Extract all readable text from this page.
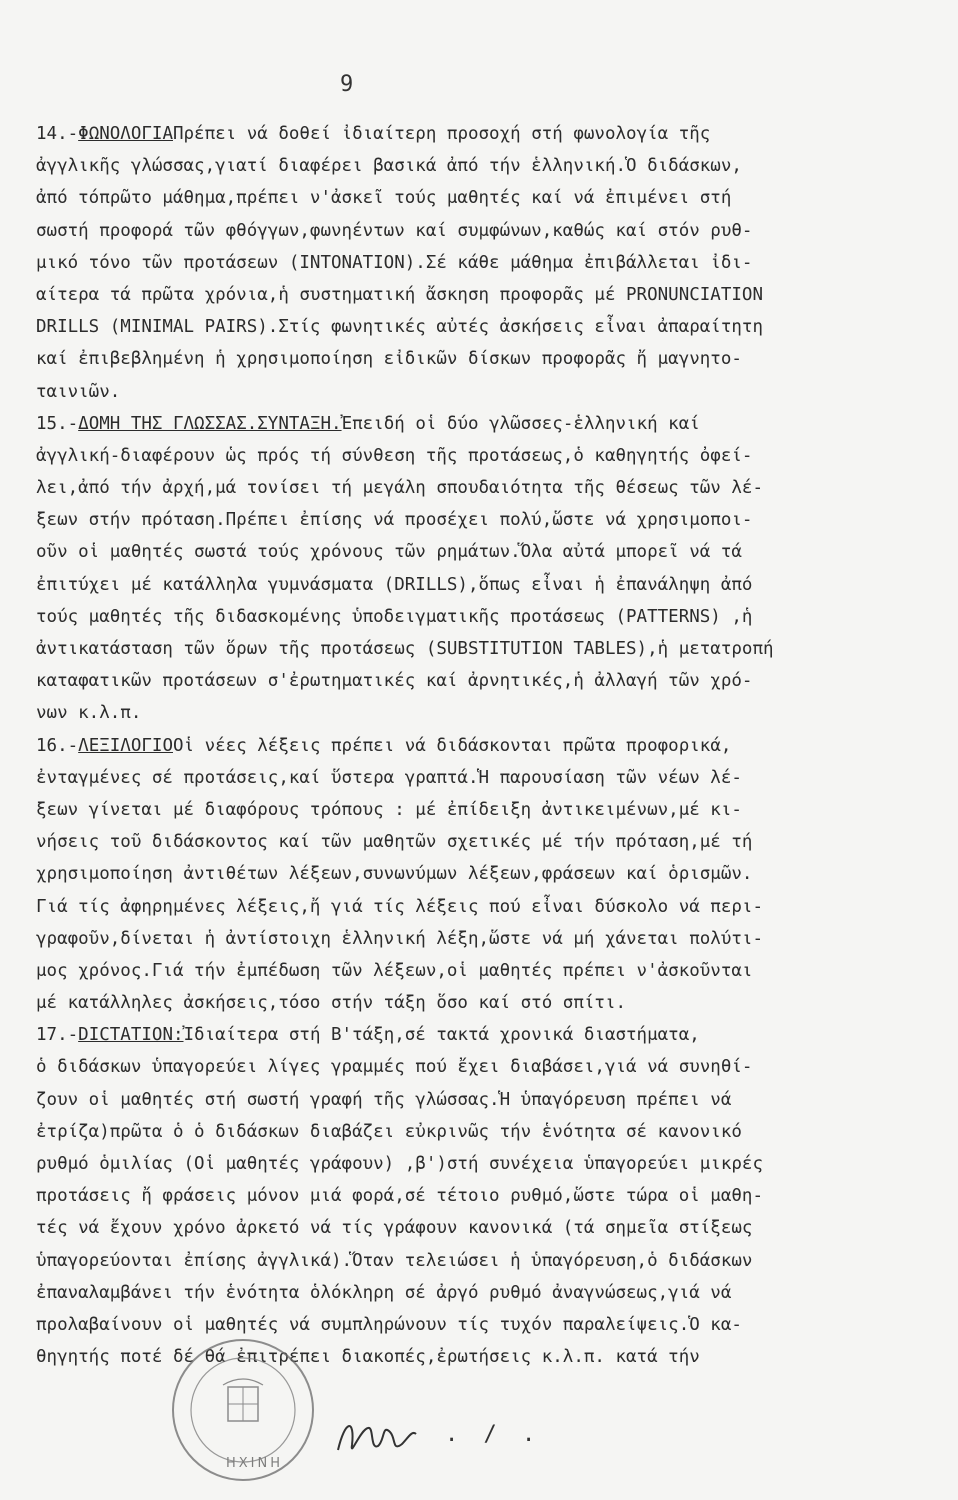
9
14.-ΦΩΝΟΛΟΓΙΑΠρέπει νά δοθεί ἰδιαίτερη προσοχή στή φωνολογία τῆς
ἀγγλικῆς γλώσσας,γιατί διαφέρει βασικά ἀπό τήν ἑλληνική.Ὁ διδάσκων,
ἀπό τόπρῶτο μάθημα,πρέπει ν'ἀσκεῖ τούς μαθητές καί νά ἐπιμένει στή
σωστή προφορά τῶν φθόγγων,φωνηέντων καί συμφώνων,καθώς καί στόν ρυθ-
μικό τόνο τῶν προτάσεων (INTONATION).Σέ κάθε μάθημα ἐπιβάλλεται ἰδι-
αίτερα τά πρῶτα χρόνια,ἡ συστηματική ἄσκηση προφορᾶς μέ PRONUNCIATION
DRILLS (MINIMAL PAIRS).Στίς φωνητικές αὐτές ἀσκήσεις εἶναι ἀπαραίτητη
καί ἐπιβεβλημένη ἡ χρησιμοποίηση εἰδικῶν δίσκων προφορᾶς ἤ μαγνητο-
ταινιῶν.
15.-ΔΟΜΗ ΤΗΣ ΓΛΩΣΣΑΣ.ΣΥΝΤΑΞΗ.Ἐπειδή οἱ δύο γλῶσσες-ἑλληνική καί
ἀγγλική-διαφέρουν ὡς πρός τή σύνθεση τῆς προτάσεως,ὁ καθηγητής ὀφεί-
λει,ἀπό τήν ἀρχή,μά τονίσει τή μεγάλη σπουδαιότητα τῆς θέσεως τῶν λέ-
ξεων στήν πρόταση.Πρέπει ἐπίσης νά προσέχει πολύ,ὥστε νά χρησιμοποι-
οῦν οἱ μαθητές σωστά τούς χρόνους τῶν ρημάτων.Ὅλα αὐτά μπορεῖ νά τά
ἐπιτύχει μέ κατάλληλα γυμνάσματα (DRILLS),ὅπως εἶναι ἡ ἐπανάληψη ἀπό
τούς μαθητές τῆς διδασκομένης ὑποδειγματικῆς προτάσεως (PATTERNS) ,ἡ
ἀντικατάσταση τῶν ὅρων τῆς προτάσεως (SUBSTITUTION TABLES),ἡ μετατροπή
καταφατικῶν προτάσεων σ'ἐρωτηματικές καί ἀρνητικές,ἡ ἀλλαγή τῶν χρό-
νων κ.λ.π.
16.-ΛΕΞΙΛΟΓΙΟΟἱ νέες λέξεις πρέπει νά διδάσκονται πρῶτα προφορικά,
ἐνταγμένες σέ προτάσεις,καί ὕστερα γραπτά.Ἡ παρουσίαση τῶν νέων λέ-
ξεων γίνεται μέ διαφόρους τρόπους : μέ ἐπίδειξη ἀντικειμένων,μέ κι-
νήσεις τοῦ διδάσκοντος καί τῶν μαθητῶν σχετικές μέ τήν πρόταση,μέ τή
χρησιμοποίηση ἀντιθέτων λέξεων,συνωνύμων λέξεων,φράσεων καί ὁρισμῶν.
Γιά τίς ἀφηρημένες λέξεις,ἤ γιά τίς λέξεις πού εἶναι δύσκολο νά περι-
γραφοῦν,δίνεται ἡ ἀντίστοιχη ἑλληνική λέξη,ὥστε νά μή χάνεται πολύτι-
μος χρόνος.Γιά τήν ἐμπέδωση τῶν λέξεων,οἱ μαθητές πρέπει ν'ἀσκοῦνται
μέ κατάλληλες ἀσκήσεις,τόσο στήν τάξη ὅσο καί στό σπίτι.
17.-DICTATION:Ἰδιαίτερα στή Β'τάξη,σέ τακτά χρονικά διαστήματα,
ὁ διδάσκων ὑπαγορεύει λίγες γραμμές πού ἔχει διαβάσει,γιά νά συνηθί-
ζουν οἱ μαθητές στή σωστή γραφή τῆς γλώσσας.Ἡ ὑπαγόρευση πρέπει νά
ἐτρίζα)πρῶτα ὁ ὁ διδάσκων διαβάζει εὐκρινῶς τήν ἑνότητα σέ κανονικό
ρυθμό ὁμιλίας (Οἱ μαθητές γράφουν) ,β')στή συνέχεια ὑπαγορεύει μικρές
προτάσεις ἤ φράσεις μόνον μιά φορά,σέ τέτοιο ρυθμό,ὥστε τώρα οἱ μαθη-
τές νά ἔχουν χρόνο ἀρκετό νά τίς γράφουν κανονικά (τά σημεῖα στίξεως
ὑπαγορεύονται ἐπίσης ἀγγλικά).Ὅταν τελειώσει ἡ ὑπαγόρευση,ὁ διδάσκων
ἐπαναλαμβάνει τήν ἑνότητα ὁλόκληρη σέ ἀργό ρυθμό ἀναγνώσεως,γιά νά
προλαβαίνουν οἱ μαθητές νά συμπληρώνουν τίς τυχόν παραλείψεις.Ὁ κα-
θηγητής ποτέ δέ θά ἐπιτρέπει διακοπές,ἐρωτήσεις κ.λ.π. κατά τήν
ΗΧΙΝΗ
. / .
